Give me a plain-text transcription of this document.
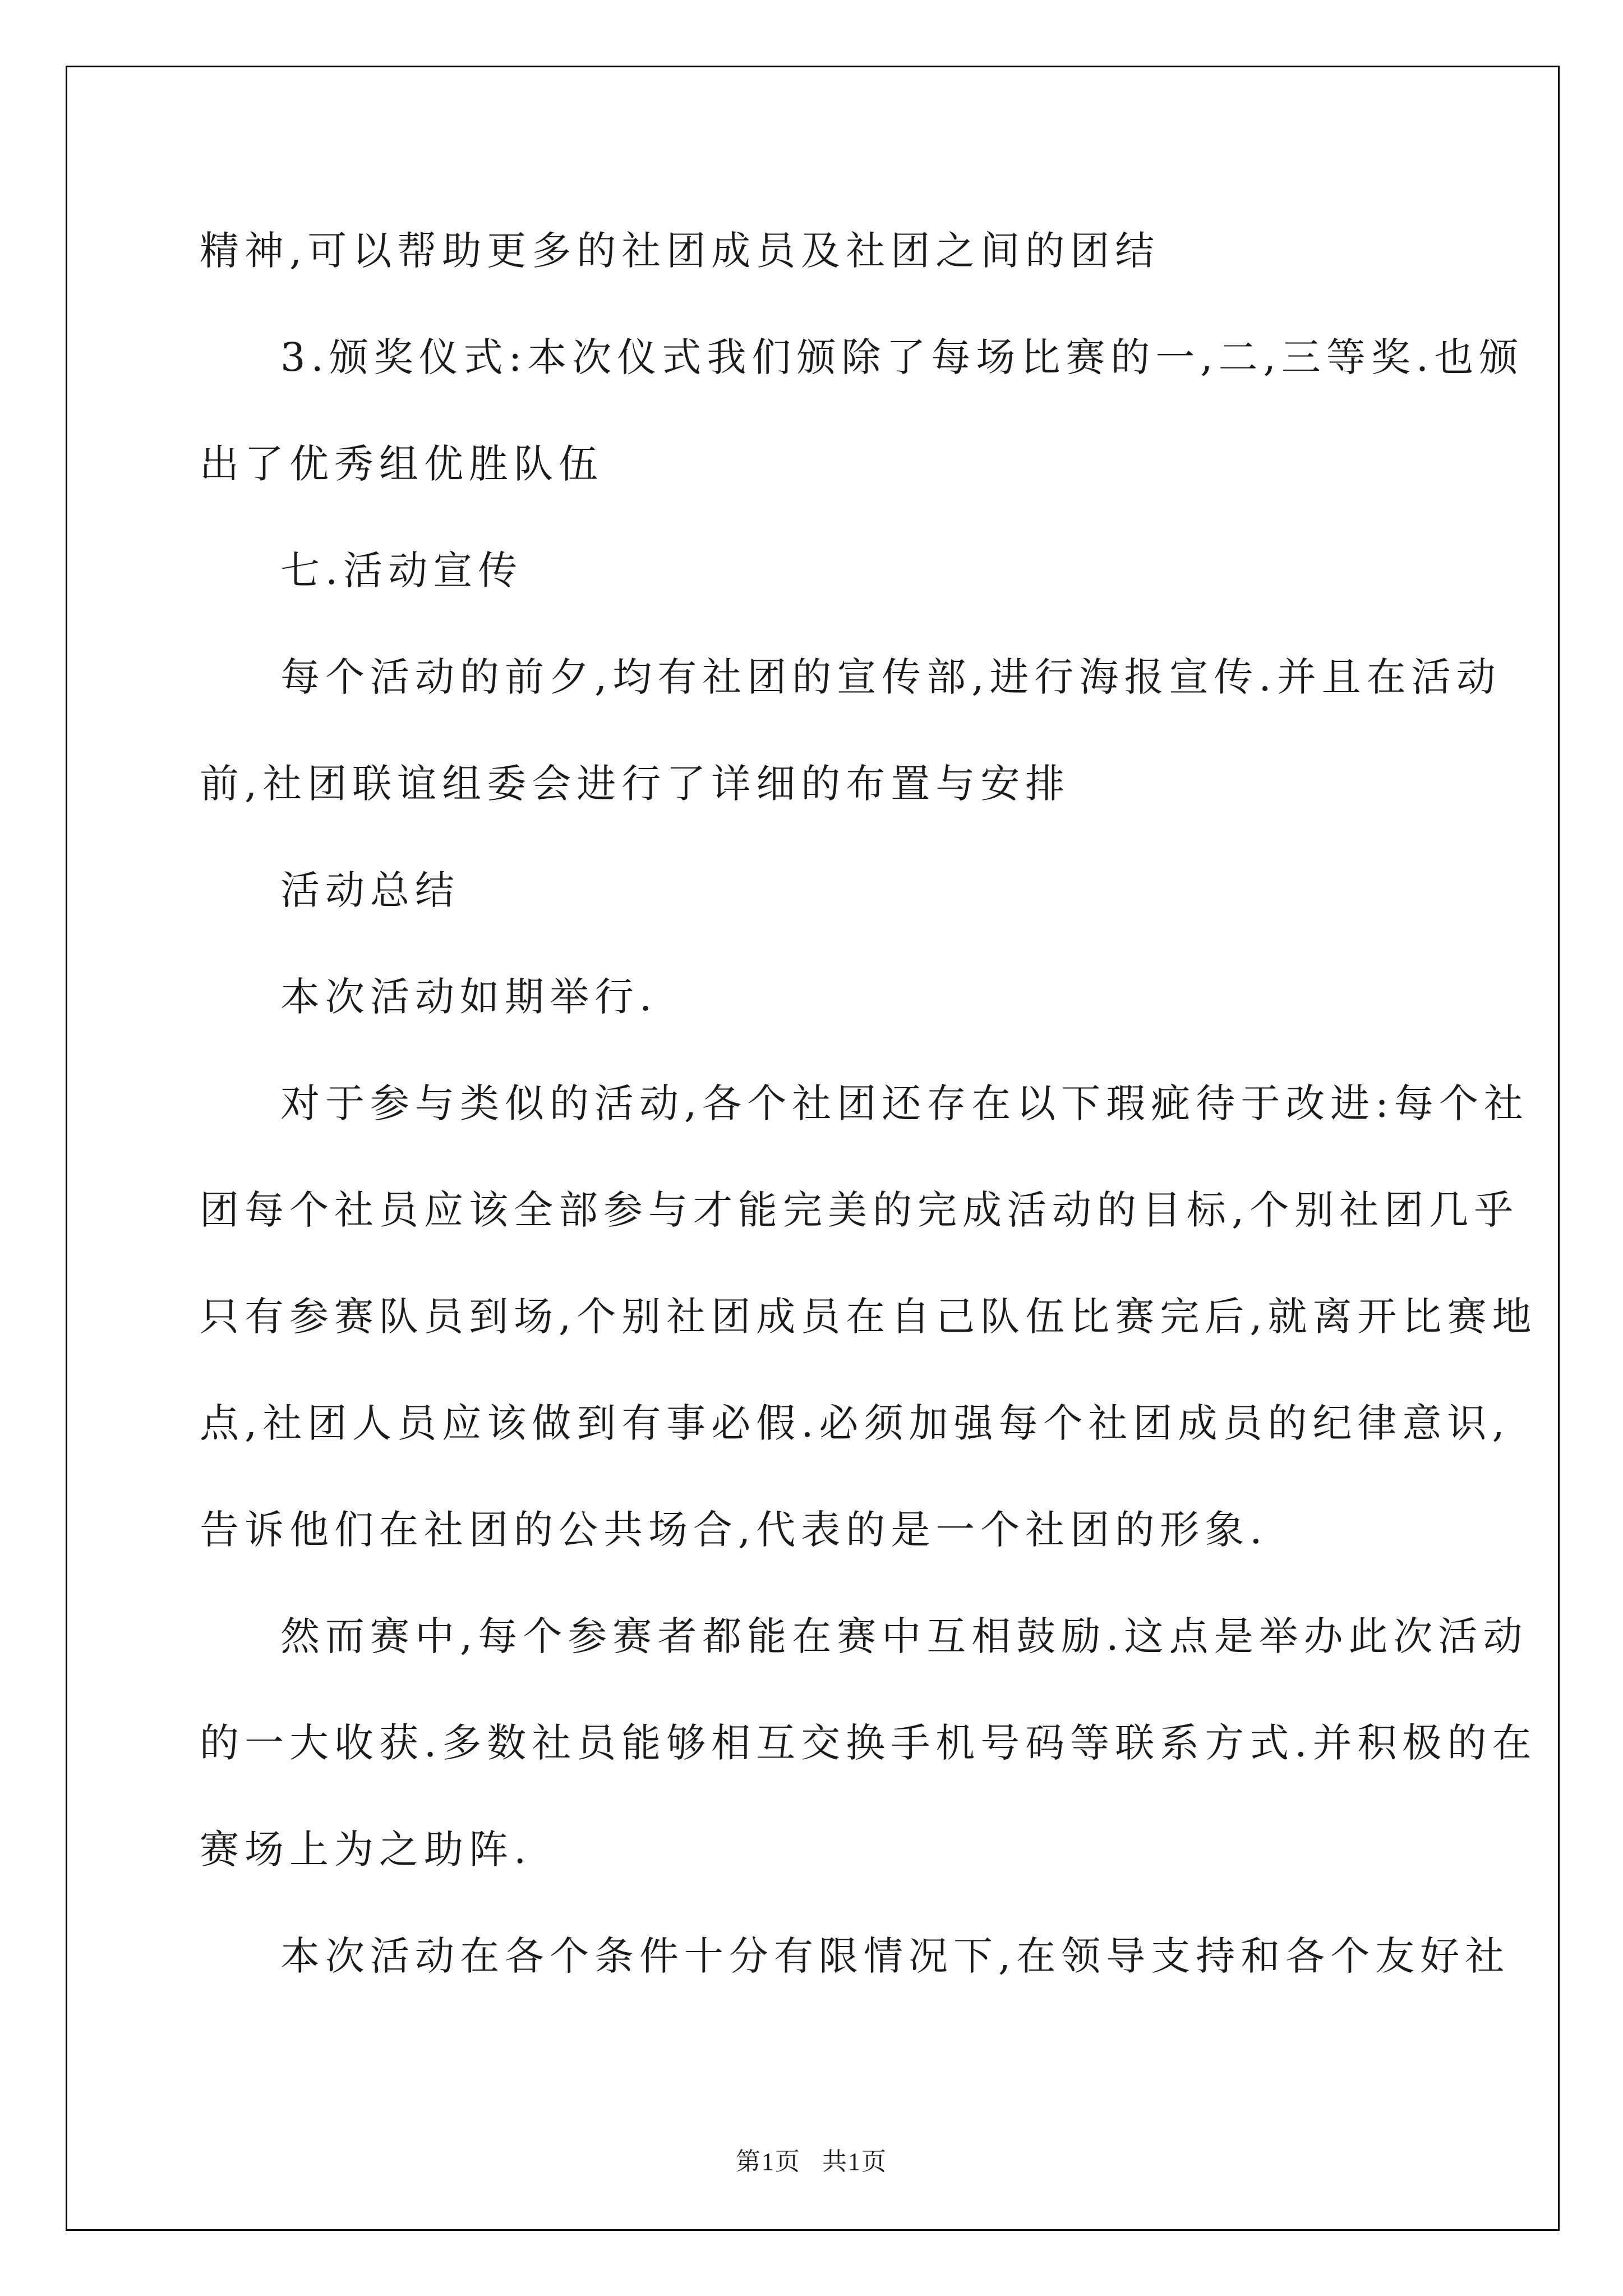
精神,可以帮助更多的社团成员及社团之间的团结

3.颁奖仪式:本次仪式我们颁除了每场比赛的一,二,三等奖.也颁

出了优秀组优胜队伍

七.活动宣传

每个活动的前夕,均有社团的宣传部,进行海报宣传.并且在活动

前,社团联谊组委会进行了详细的布置与安排

活动总结

本次活动如期举行.

对于参与类似的活动,各个社团还存在以下瑕疵待于改进:每个社

团每个社员应该全部参与才能完美的完成活动的目标,个别社团几乎

只有参赛队员到场,个别社团成员在自己队伍比赛完后,就离开比赛地

点,社团人员应该做到有事必假.必须加强每个社团成员的纪律意识,

告诉他们在社团的公共场合,代表的是一个社团的形象.

然而赛中,每个参赛者都能在赛中互相鼓励.这点是举办此次活动

的一大收获.多数社员能够相互交换手机号码等联系方式.并积极的在

赛场上为之助阵.

本次活动在各个条件十分有限情况下,在领导支持和各个友好社

第1页 共1页
